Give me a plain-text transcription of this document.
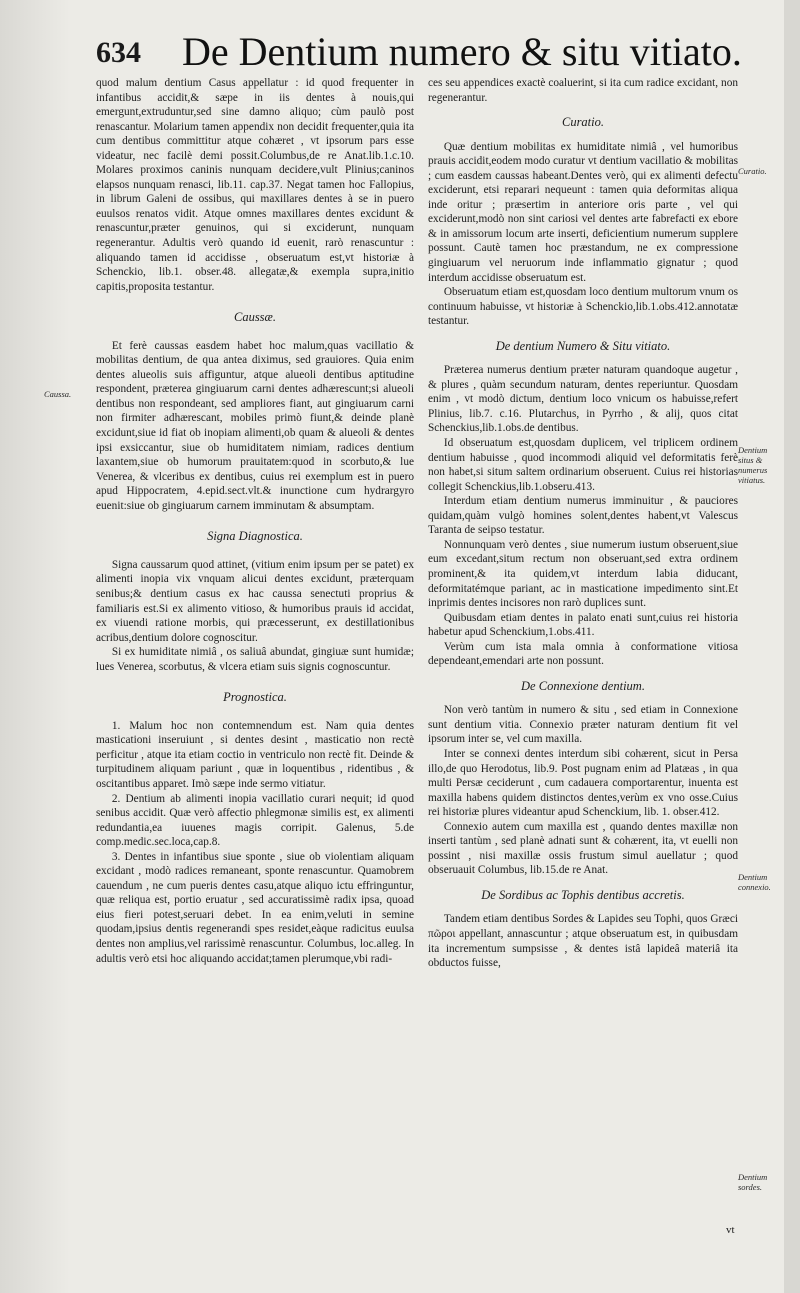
634 De Dentium numero & situ vitiato.
quod malum dentium Casus appellatur : id quod frequenter in infantibus accidit,& sæpe in iis dentes à nouis,qui emergunt,extruduntur,sed sine damno aliquo; cùm paulò post renascantur. Molarium tamen appendix non decidit frequenter,quia ita cum dentibus committitur atque cohæret , vt ipsorum pars esse videatur, nec facilè demi possit.Columbus,de re Anat.lib.1.c.10. Molares proximos caninis nunquam decidere,vult Plinius;caninos elapsos nunquam renasci, lib.11. cap.37. Negat tamen hoc Fallopius, in librum Galeni de ossibus, qui maxillares dentes à se in puero euulsos renatos vidit. Atque omnes maxillares dentes excidunt & renascuntur,præter genuinos, qui si exciderunt, nunquam regenerantur. Adultis verò quando id euenit, rarò renascuntur : aliquando tamen id accidisse , obseruatum est,vt historiæ à Schenckio, lib.1. obser.48. allegatæ,& exempla supra,initio capitis,proposita testantur.
Caussæ.
Et ferè caussas easdem habet hoc malum,quas vacillatio & mobilitas dentium, de qua antea diximus, sed grauiores. Quia enim dentes alueolis suis affiguntur, atque alueoli dentibus aptitudine respondent, præterea gingiuarum carni dentes adhærescunt;si alueoli dentibus non respondeant, sed ampliores fiant, aut gingiuarum carni non firmiter adhærescant, mobiles primò fiunt,& deinde planè excidunt,siue id fiat ob inopiam alimenti,ob quam & alueoli & dentes ipsi exsiccantur, siue ob humiditatem nimiam, radices dentium laxantem,siue ob humorum prauitatem:quod in scorbuto,& lue Venerea, & vlceribus ex dentibus, cuius rei exemplum est in puero apud Hippocratem, 4.epid.sect.vlt.& inunctione cum hydrargyro euenit:siue ob gingiuarum carnem imminutam & absumptam.
Signa Diagnostica.
Signa caussarum quod attinet, (vitium enim ipsum per se patet) ex alimenti inopia vix vnquam alicui dentes excidunt, præterquam senibus;& dentium casus ex hac caussa senectuti proprius & familiaris est.Si ex alimento vitioso, & humoribus prauis id accidat, ex viuendi ratione morbis, qui præcesserunt, ex destillationibus acribus,dentium dolore cognoscitur.
Si ex humiditate nimiâ , os saliuâ abundat, gingiuæ sunt humidæ; lues Venerea, scorbutus, & vlcera etiam suis signis cognoscuntur.
Prognostica.
1. Malum hoc non contemnendum est. Nam quia dentes masticationi inseruiunt , si dentes desint , masticatio non rectè perficitur , atque ita etiam coctio in ventriculo non rectè fit. Deinde & turpitudinem aliquam pariunt , quæ in loquentibus , ridentibus , & oscitantibus apparet. Imò sæpe inde sermo vitiatur.
2. Dentium ab alimenti inopia vacillatio curari nequit; id quod senibus accidit. Quæ verò affectio phlegmonæ similis est, ex alimenti redundantia,ea iuuenes magis corripit. Galenus, 5.de comp.medic.sec.loca,cap.8.
3. Dentes in infantibus siue sponte , siue ob violentiam aliquam excidant , modò radices remaneant, sponte renascuntur. Quamobrem cauendum , ne cum pueris dentes casu,atque aliquo ictu effringuntur, quæ reliqua est, portio eruatur , sed accuratissimè radix ipsa, quoad eius fieri potest,seruari debet. In ea enim,veluti in semine quodam,ipsius dentis regenerandi spes residet,eàque radicitus euulsa dentes non amplius,vel rarissimè renascuntur. Columbus, loc.alleg. In adultis verò etsi hoc aliquando accidat;tamen plerumque,vbi radi-
ces seu appendices exactè coaluerint, si ita cum radice excidant, non regenerantur.
Curatio.
Quæ dentium mobilitas ex humiditate nimiâ , vel humoribus prauis accidit,eodem modo curatur vt dentium vacillatio & mobilitas ; cum easdem caussas habeant.Dentes verò, qui ex alimenti defectu exciderunt, etsi reparari nequeunt : tamen quia deformitas aliqua inde oritur ; præsertim in anteriore oris parte , vel qui exciderunt,modò non sint cariosi vel dentes arte fabrefacti ex ebore & in amissorum locum arte inserti, deficientium numerum supplere possunt. Cautè tamen hoc præstandum, ne ex compressione gingiuarum vel neruorum inde inflammatio gignatur ; quod interdum accidisse obseruatum est.
Obseruatum etiam est,quosdam loco dentium multorum vnum os continuum habuisse, vt historiæ à Schenckio,lib.1.obs.412.annotatæ testantur.
De dentium Numero & Situ vitiato.
Præterea numerus dentium præter naturam quandoque augetur , & plures , quàm secundum naturam, dentes reperiuntur. Quosdam enim , vt modò dictum, dentium loco vnicum os habuisse,refert Plinius, lib.7. c.16. Plutarchus, in Pyrrho , & alij, quos citat Schenckius,lib.1.obs.de dentibus.
Id obseruatum est,quosdam duplicem, vel triplicem ordinem dentium habuisse , quod incommodi aliquid vel deformitatis ferè non habet,si situm saltem ordinarium obseruent. Cuius rei historias collegit Schenckius,lib.1.obseru.413.
Interdum etiam dentium numerus imminuitur , & pauciores quidam,quàm vulgò homines solent,dentes habent,vt Valescus Taranta de seipso testatur.
Nonnunquam verò dentes , siue numerum iustum obseruent,siue eum excedant,situm rectum non obseruant,sed extra ordinem prominent,& ita quidem,vt interdum labia diducant, deformitatémque pariant, ac in masticatione impedimento sint.Et inprimis dentes incisores non rarò duplices sunt.
Quibusdam etiam dentes in palato enati sunt,cuius rei historia habetur apud Schenckium,1.obs.411.
Verùm cum ista mala omnia à conformatione vitiosa dependeant,emendari arte non possunt.
De Connexione dentium.
Non verò tantùm in numero & situ , sed etiam in Connexione sunt dentium vitia. Connexio præter naturam dentium fit vel ipsorum inter se, vel cum maxilla.
Inter se connexi dentes interdum sibi cohærent, sicut in Persa illo,de quo Herodotus, lib.9. Post pugnam enim ad Platæas , in qua multi Persæ ceciderunt , cum cadauera comportarentur, inuenta est maxilla habens quidem distinctos dentes,verùm ex vno osse.Cuius rei historiæ plures videantur apud Schenckium, lib. 1. obser.412.
Connexio autem cum maxilla est , quando dentes maxillæ non inserti tantùm , sed planè adnati sunt & cohærent, ita, vt euelli non possint , nisi maxillæ ossis frustum simul auellatur ; quod obseruauit Columbus, lib.15.de re Anat.
De Sordibus ac Tophis dentibus accretis.
Tandem etiam dentibus Sordes & Lapides seu Tophi, quos Græci πῶροι appellant, annascuntur ; atque obseruatum est, in quibusdam ita incrementum sumpsisse , & dentes istâ lapideâ materiâ ita obductos fuisse,
vt
Caussa.
Curatio.
Dentium situs & numerus vitiatus.
Dentium connexio.
Dentium sordes.
